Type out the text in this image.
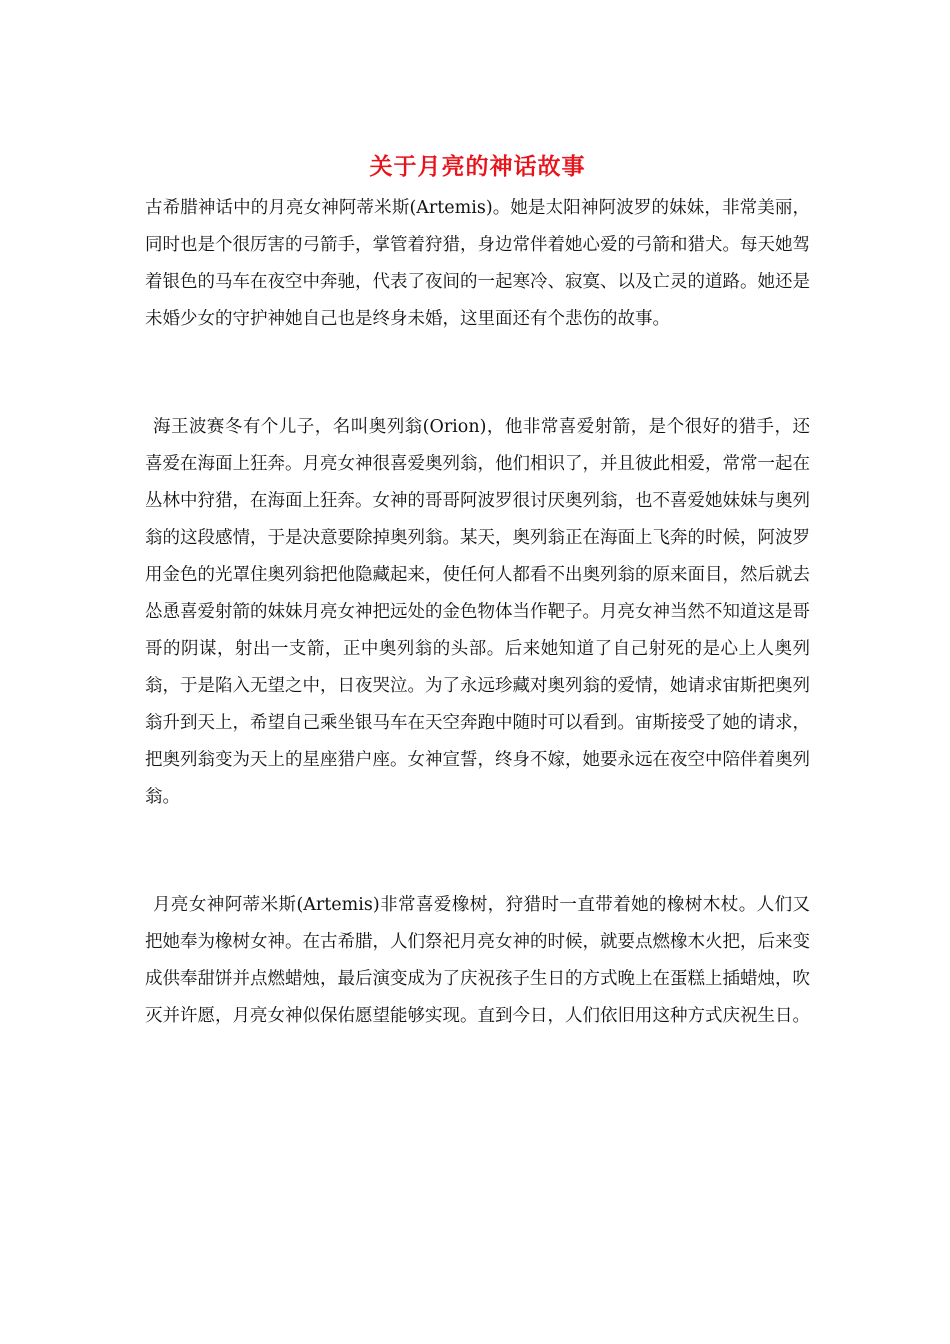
关于月亮的神话故事

古希腊神话中的月亮女神阿蒂米斯(Artemis)。她是太阳神阿波罗的妹妹，非常美丽，同时也是个很厉害的弓箭手，掌管着狩猎，身边常伴着她心爱的弓箭和猎犬。每天她驾着银色的马车在夜空中奔驰，代表了夜间的一起寒冷、寂寞、以及亡灵的道路。她还是未婚少女的守护神她自己也是终身未婚，这里面还有个悲伤的故事。

海王波赛冬有个儿子，名叫奥列翁(Orion)，他非常喜爱射箭，是个很好的猎手，还喜爱在海面上狂奔。月亮女神很喜爱奥列翁，他们相识了，并且彼此相爱，常常一起在丛林中狩猎，在海面上狂奔。女神的哥哥阿波罗很讨厌奥列翁，也不喜爱她妹妹与奥列翁的这段感情，于是决意要除掉奥列翁。某天，奥列翁正在海面上飞奔的时候，阿波罗用金色的光罩住奥列翁把他隐藏起来，使任何人都看不出奥列翁的原来面目，然后就去怂恿喜爱射箭的妹妹月亮女神把远处的金色物体当作靶子。月亮女神当然不知道这是哥哥的阴谋，射出一支箭，正中奥列翁的头部。后来她知道了自己射死的是心上人奥列翁，于是陷入无望之中，日夜哭泣。为了永远珍藏对奥列翁的爱情，她请求宙斯把奥列翁升到天上，希望自己乘坐银马车在天空奔跑中随时可以看到。宙斯接受了她的请求，把奥列翁变为天上的星座猎户座。女神宣誓，终身不嫁，她要永远在夜空中陪伴着奥列翁。

月亮女神阿蒂米斯(Artemis)非常喜爱橡树，狩猎时一直带着她的橡树木杖。人们又把她奉为橡树女神。在古希腊，人们祭祀月亮女神的时候，就要点燃橡木火把，后来变成供奉甜饼并点燃蜡烛，最后演变成为了庆祝孩子生日的方式晚上在蛋糕上插蜡烛，吹灭并许愿，月亮女神似保佑愿望能够实现。直到今日，人们依旧用这种方式庆祝生日。
